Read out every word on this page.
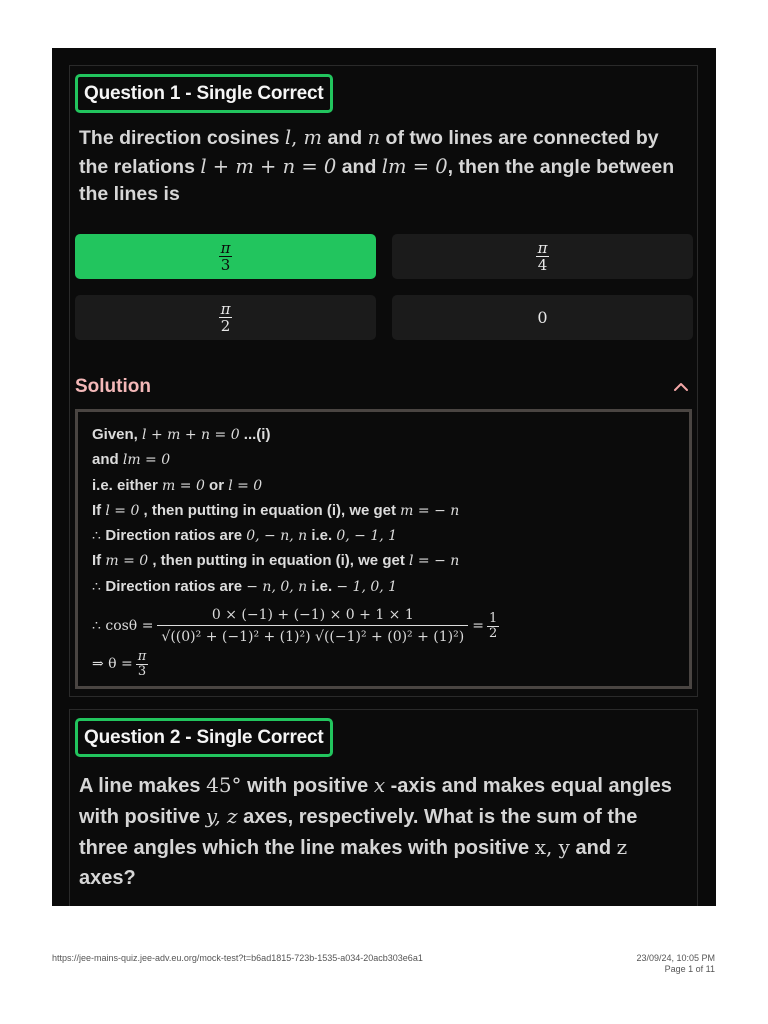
Question 1 - Single Correct
The direction cosines l, m and n of two lines are connected by the relations l + m + n = 0 and lm = 0, then the angle between the lines is
$\frac{\pi}{3}$	$\frac{\pi}{4}$
$\frac{\pi}{2}$	0
Solution
Given, l + m + n = 0 ...(i)
and lm = 0
i.e. either m = 0 or l = 0
If l = 0 , then putting in equation (i), we get m = − n
∴ Direction ratios are 0, − n, n i.e. 0, − 1, 1
If m = 0 , then putting in equation (i), we get l = − n
∴ Direction ratios are − n, 0, n i.e. − 1, 0, 1
∴ $\cos\theta = \frac{0 \times (-1) + (-1) \times 0 + 1 \times 1}{\text{√((0)² + (−1)² + (1)²) √((−1)² + (0)² + (1)²)}} = \frac{1}{2}$
⇒ $\theta = \frac{\pi}{3}$
Question 2 - Single Correct
A line makes 45° with positive x -axis and makes equal angles with positive y, z axes, respectively. What is the sum of the three angles which the line makes with positive x, y and z axes?
https://jee-mains-quiz.jee-adv.eu.org/mock-test?t=b6ad1815-723b-1535-a034-20acb303e6a1	23/09/24, 10:05 PM
Page 1 of 11
